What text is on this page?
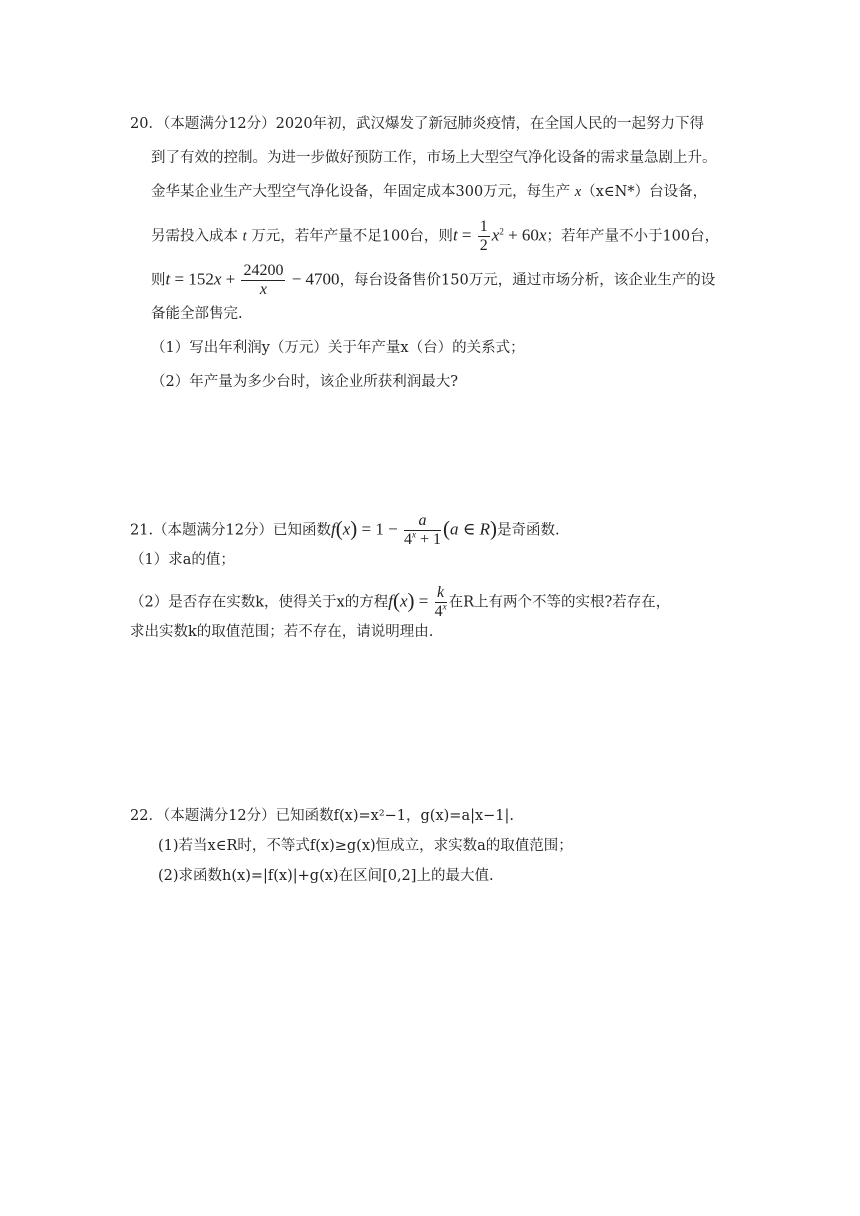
20．（本题满分12分）2020年初，武汉爆发了新冠肺炎疫情，在全国人民的一起努力下得
到了有效的控制。为进一步做好预防工作，市场上大型空气净化设备的需求量急剧上升。
金华某企业生产大型空气净化设备，年固定成本300万元，每生产 x（x∈N*）台设备，
另需投入成本 t 万元，若年产量不足100台，则$t = \frac{1}{2} x^2 + 60x$；若年产量不小于100台，
则$t = 152x + \frac{24200}{x} - 4700$，每台设备售价150万元，通过市场分析，该企业生产的设
备能全部售完.
（1）写出年利润y（万元）关于年产量x（台）的关系式；
（2）年产量为多少台时，该企业所获利润最大?
21.（本题满分12分）已知函数$f(x) = 1 - \frac{a}{4^x + 1} (a$ ∈ R)是奇函数.
（1）求a的值；
（2）是否存在实数k，使得关于x的方程$f(x) = \frac{k}{4^x}$ 在R上有两个不等的实根?若存在，
求出实数k的取值范围；若不存在，请说明理由.
22．（本题满分12分）已知函数f(x)=x²−1，g(x)=a|x−1|.
(1)若当x∈R时，不等式f(x)≥g(x)恒成立，求实数a的取值范围；
(2)求函数h(x)=|f(x)|+g(x)在区间[0,2]上的最大值.
